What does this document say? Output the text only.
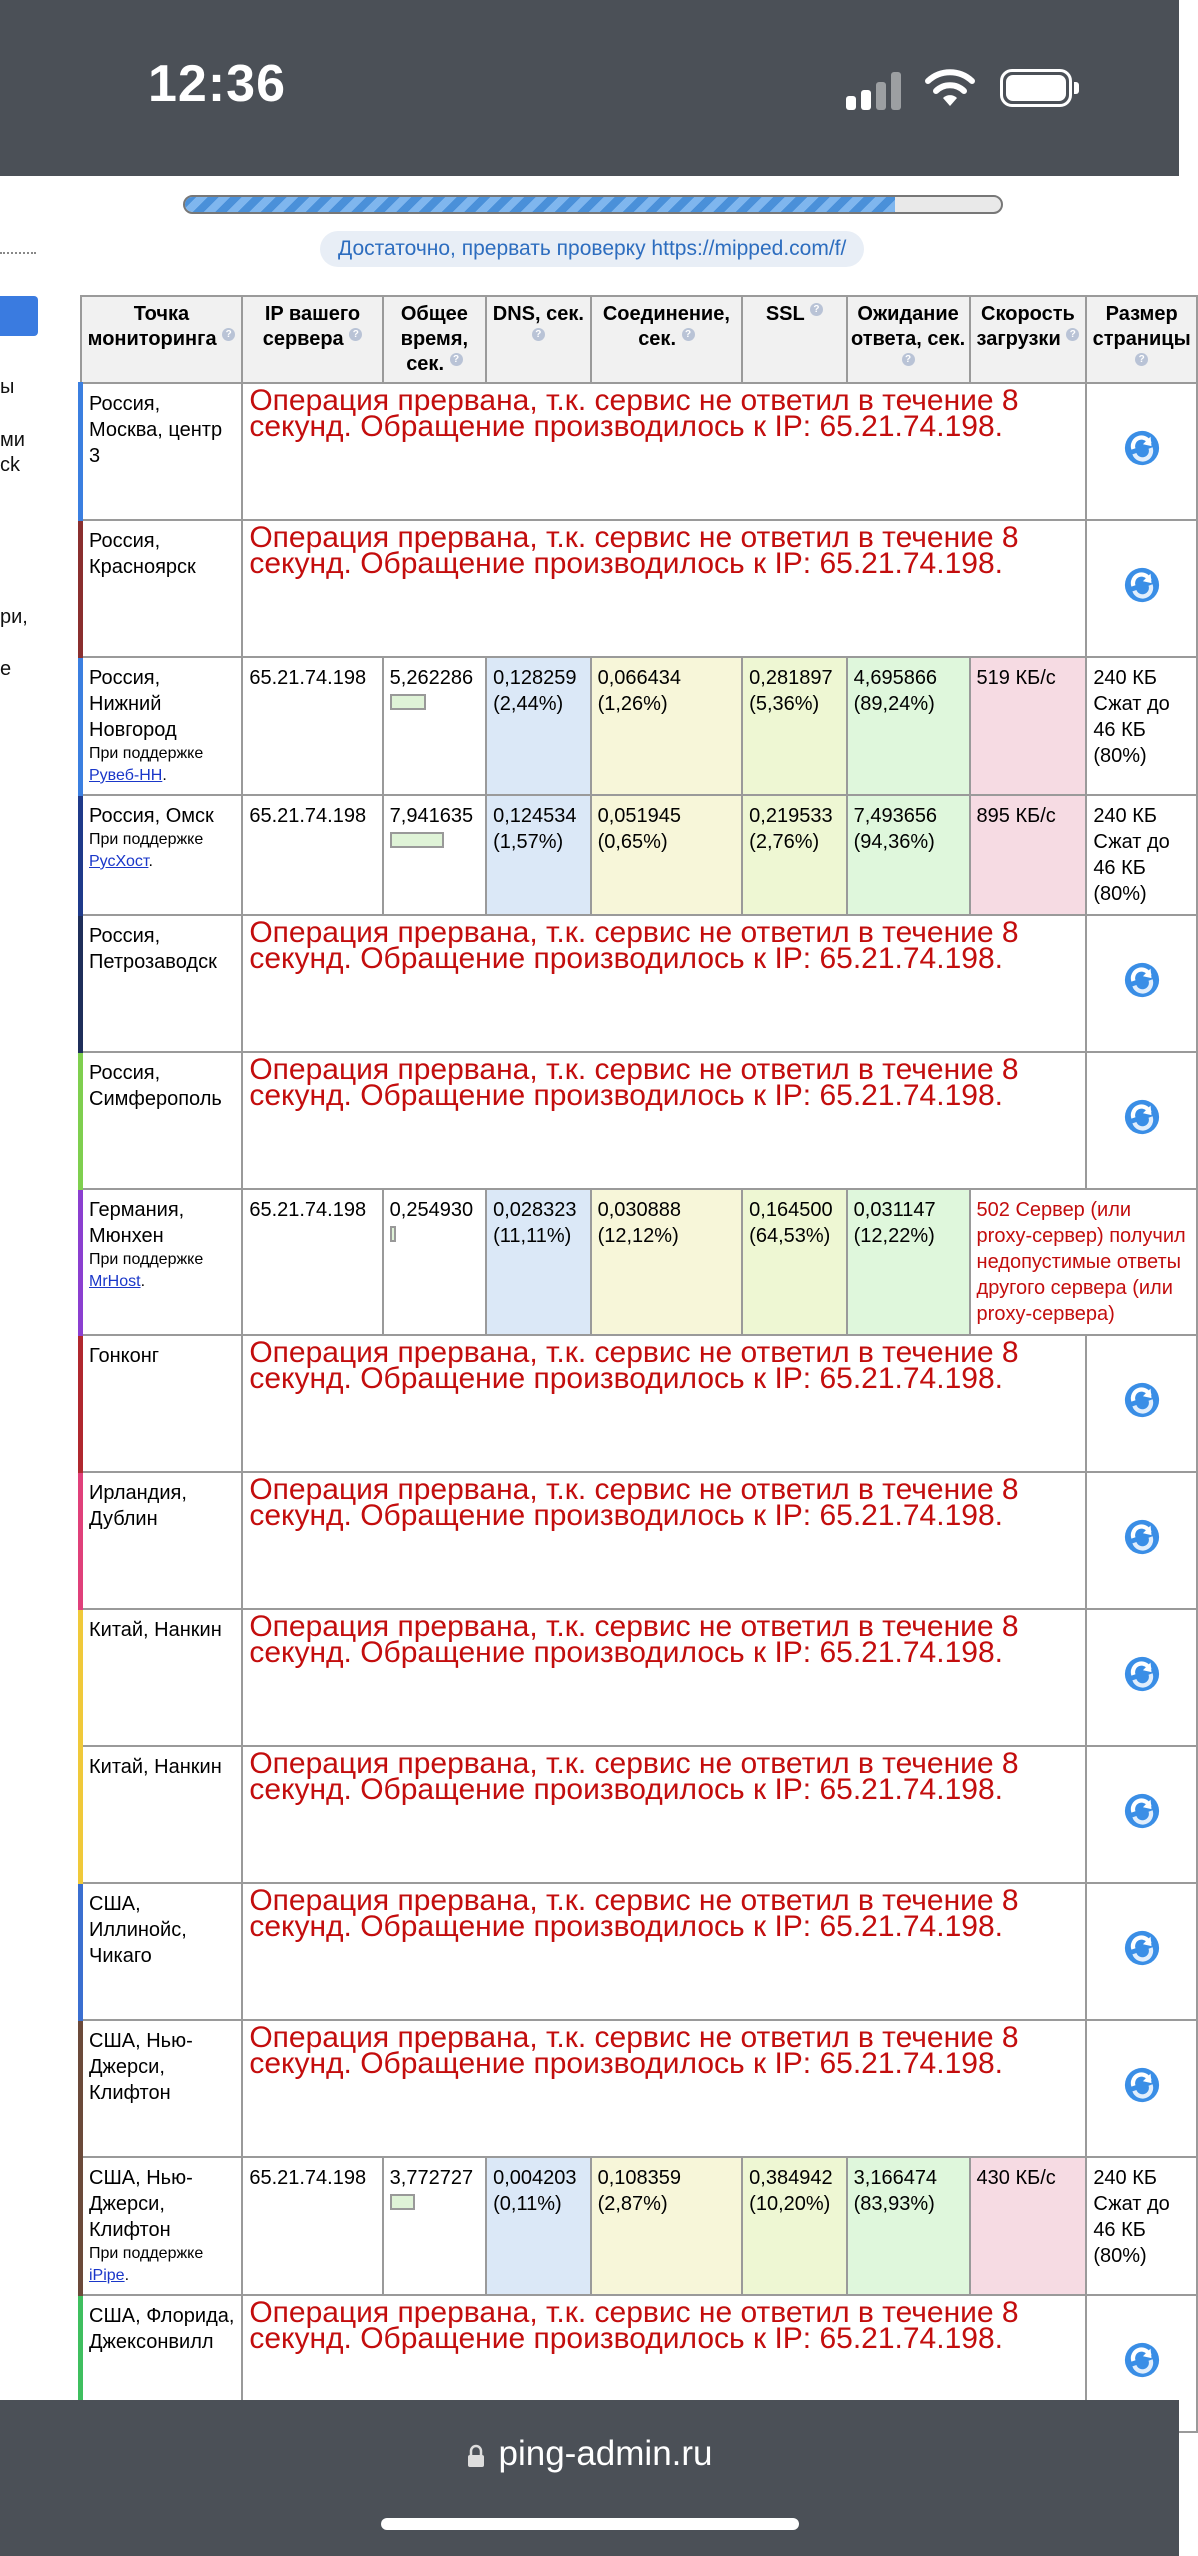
12:36
ы
ми
ck
ри,
е
Достаточно, прервать проверку https://mipped.com/f/
Точка мониторинга ?	IP вашего сервера ?	Общее время, сек. ?	DNS, сек. ?	Соединение, сек. ?	SSL ?	Ожидание ответа, сек. ?	Скорость загрузки ?	Размер страницы ?

Россия, Москва, центр 3	Операция прервана, т.к. сервис не ответил в течение 8 секунд. Обращение производилось к IP: 65.21.74.198.	

Россия, Красноярск	Операция прервана, т.к. сервис не ответил в течение 8 секунд. Обращение производилось к IP: 65.21.74.198.	

Россия, Нижний Новгород
При поддержке Рувеб-НН.	65.21.74.198	5,262286	0,128259 (2,44%)	0,066434 (1,26%)	0,281897 (5,36%)	4,695866 (89,24%)	519 КБ/с	240 КБ Сжат до 46 КБ (80%)

Россия, Омск
При поддержке РусХост.	65.21.74.198	7,941635	0,124534 (1,57%)	0,051945 (0,65%)	0,219533 (2,76%)	7,493656 (94,36%)	895 КБ/с	240 КБ Сжат до 46 КБ (80%)

Россия, Петрозаводск	Операция прервана, т.к. сервис не ответил в течение 8 секунд. Обращение производилось к IP: 65.21.74.198.	

Россия, Симферополь	Операция прервана, т.к. сервис не ответил в течение 8 секунд. Обращение производилось к IP: 65.21.74.198.	

Германия, Мюнхен
При поддержке MrHost.	65.21.74.198	0,254930	0,028323 (11,11%)	0,030888 (12,12%)	0,164500 (64,53%)	0,031147 (12,22%)	502 Сервер (или proxy-сервер) получил недопустимые ответы другого сервера (или proxy-сервера)	

Гонконг	Операция прервана, т.к. сервис не ответил в течение 8 секунд. Обращение производилось к IP: 65.21.74.198.	

Ирландия, Дублин	Операция прервана, т.к. сервис не ответил в течение 8 секунд. Обращение производилось к IP: 65.21.74.198.	

Китай, Нанкин	Операция прервана, т.к. сервис не ответил в течение 8 секунд. Обращение производилось к IP: 65.21.74.198.	

Китай, Нанкин	Операция прервана, т.к. сервис не ответил в течение 8 секунд. Обращение производилось к IP: 65.21.74.198.	

США, Иллинойс, Чикаго	Операция прервана, т.к. сервис не ответил в течение 8 секунд. Обращение производилось к IP: 65.21.74.198.	

США, Нью-Джерси, Клифтон	Операция прервана, т.к. сервис не ответил в течение 8 секунд. Обращение производилось к IP: 65.21.74.198.	

США, Нью-Джерси, Клифтон
При поддержке iPipe.	65.21.74.198	3,772727	0,004203 (0,11%)	0,108359 (2,87%)	0,384942 (10,20%)	3,166474 (83,93%)	430 КБ/с	240 КБ Сжат до 46 КБ (80%)

США, Флорида, Джексонвилл	Операция прервана, т.к. сервис не ответил в течение 8 секунд. Обращение производилось к IP: 65.21.74.198.	
ping-admin.ru
